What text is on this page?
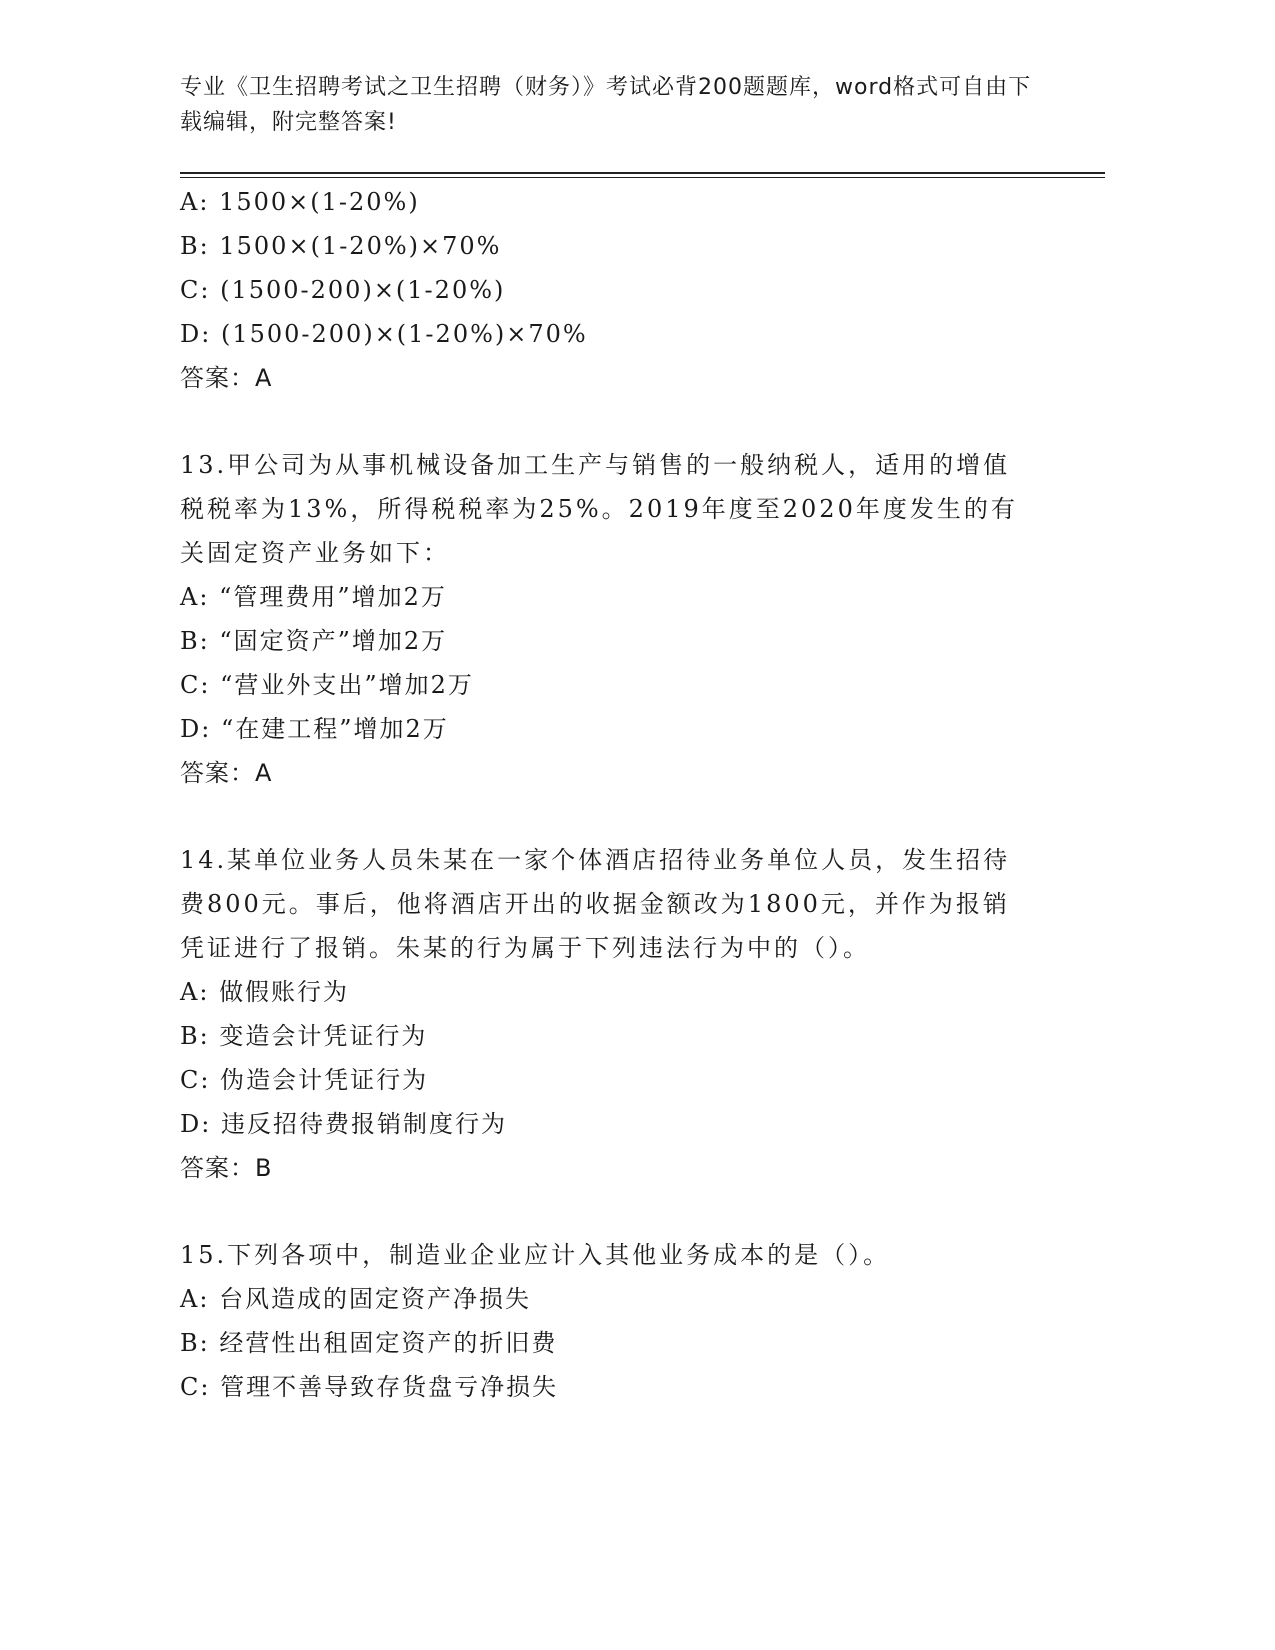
专业《卫生招聘考试之卫生招聘（财务）》考试必背200题题库，word格式可自由下载编辑，附完整答案!
A: 1500×(1-20%)
B: 1500×(1-20%)×70%
C: (1500-200)×(1-20%)
D: (1500-200)×(1-20%)×70%
答案：A
13.甲公司为从事机械设备加工生产与销售的一般纳税人，适用的增值税税率为13%，所得税税率为25%。2019年度至2020年度发生的有关固定资产业务如下：
A: “管理费用”增加2万
B: “固定资产”增加2万
C: “营业外支出”增加2万
D: “在建工程”增加2万
答案：A
14.某单位业务人员朱某在一家个体酒店招待业务单位人员，发生招待费800元。事后，他将酒店开出的收据金额改为1800元，并作为报销凭证进行了报销。朱某的行为属于下列违法行为中的（）。
A: 做假账行为
B: 变造会计凭证行为
C: 伪造会计凭证行为
D: 违反招待费报销制度行为
答案：B
15.下列各项中，制造业企业应计入其他业务成本的是（）。
A: 台风造成的固定资产净损失
B: 经营性出租固定资产的折旧费
C: 管理不善导致存货盘亏净损失
